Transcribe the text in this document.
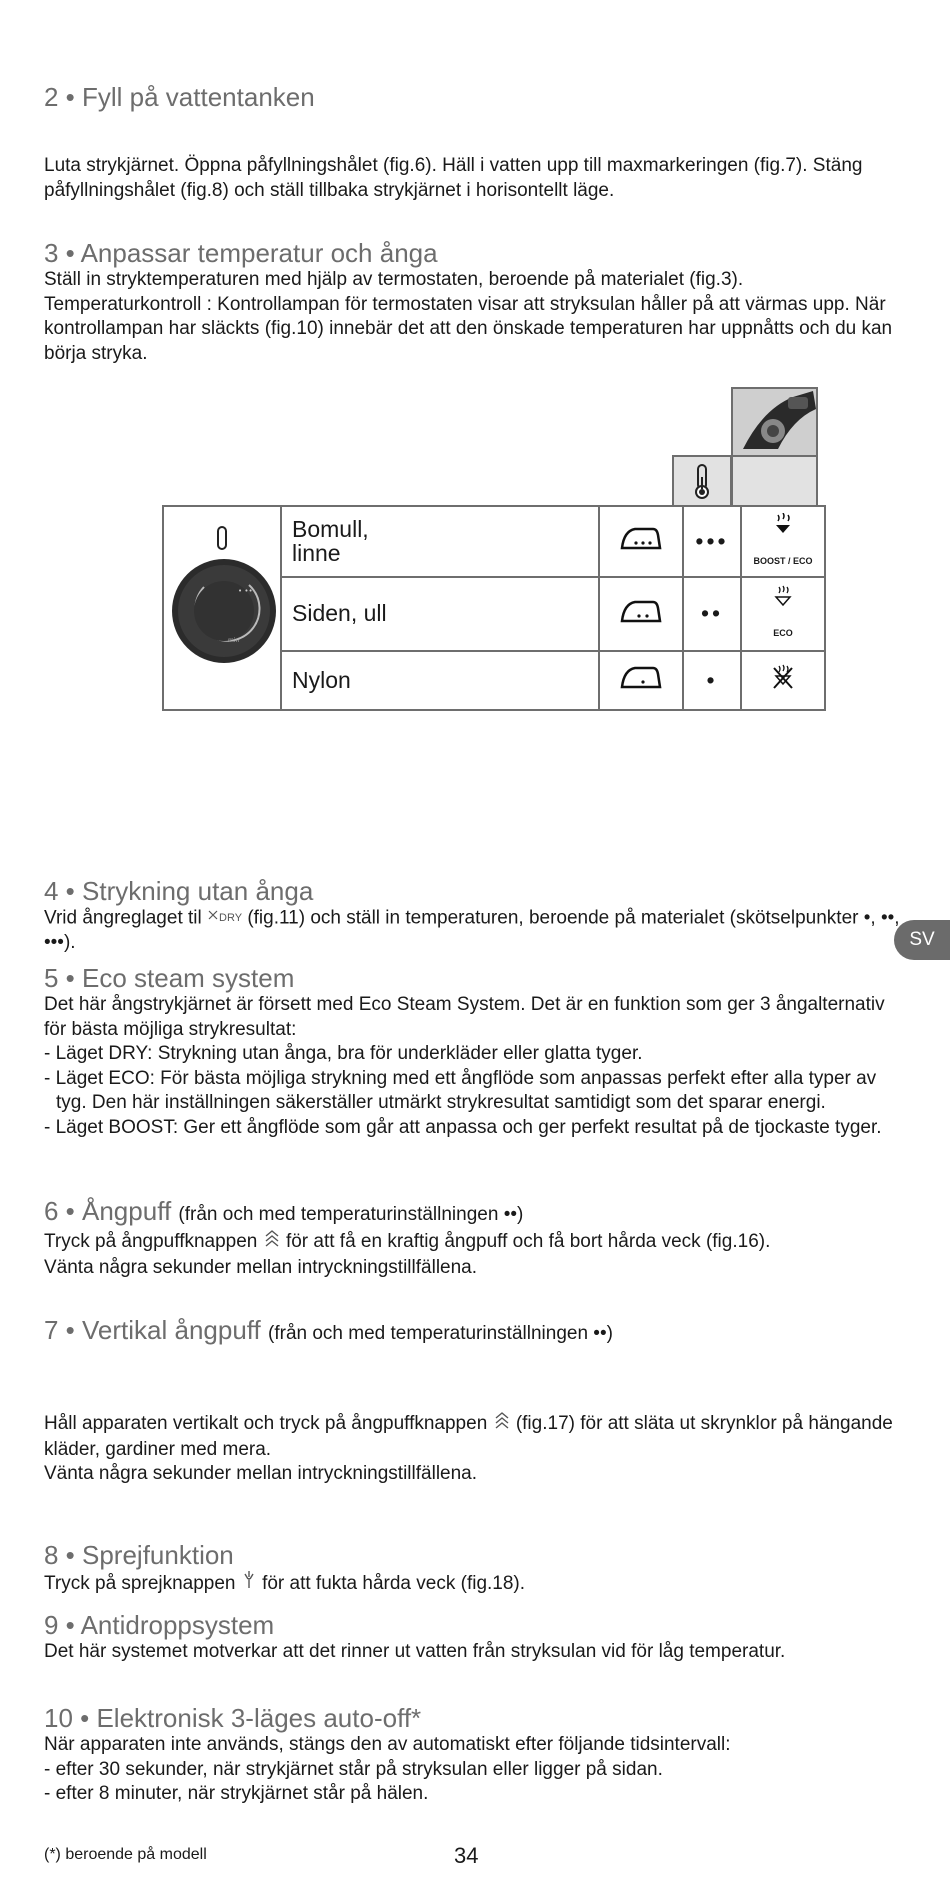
2 • Fyll på vattentanken

Luta strykjärnet. Öppna påfyllningshålet (fig.6). Häll i vatten upp till maxmarkeringen (fig.7). Stäng påfyllningshålet (fig.8) och ställ tillbaka strykjärnet i horisontellt läge.

3 • Anpassar temperatur och ånga

Ställ in stryktemperaturen med hjälp av termostaten, beroende på materialet (fig.3). Temperaturkontroll : Kontrollampan för termostaten visar att stryksulan håller på att värmas upp. När kontrollampan har släckts (fig.10) innebär det att den önskade temperaturen har uppnåtts och du kan börja stryka.

• ••
min	Bomull,
linne		•••	BOOST / ECO
	Siden, ull		••	ECO
	Nylon		•	
4 • Strykning utan ånga

Vrid ångreglaget til DRY (fig.11) och ställ in temperaturen, beroende på materialet (skötselpunkter •, ••, •••).

5 • Eco steam system
Det här ångstrykjärnet är försett med Eco Steam System. Det är en funktion som ger 3 ångalternativ för bästa möjliga strykresultat:
- Läget DRY: Strykning utan ånga, bra för underkläder eller glatta tyger.
- Läget ECO: För bästa möjliga strykning med ett ångflöde som anpassas perfekt efter alla typer av tyg. Den här inställningen säkerställer utmärkt strykresultat samtidigt som det sparar energi.
- Läget BOOST: Ger ett ångflöde som går att anpassa och ger perfekt resultat på de tjockaste tyger.
6 • Ångpuff (från och med temperaturinställningen ••)
Tryck på ångpuffknappen för att få en kraftig ångpuff och få bort hårda veck (fig.16).
Vänta några sekunder mellan intryckningstillfällena.
7 • Vertikal ångpuff (från och med temperaturinställningen ••)
Håll apparaten vertikalt och tryck på ångpuffknappen (fig.17) för att släta ut skrynklor på hängande kläder, gardiner med mera.
Vänta några sekunder mellan intryckningstillfällena.
8 • Sprejfunktion
Tryck på sprejknappen för att fukta hårda veck (fig.18).
9 • Antidroppsystem

Det här systemet motverkar att det rinner ut vatten från stryksulan vid för låg temperatur.

10 • Elektronisk 3-läges auto-off*
När apparaten inte används, stängs den av automatiskt efter följande tidsintervall:
- efter 30 sekunder, när strykjärnet står på stryksulan eller ligger på sidan.
- efter 8 minuter, när strykjärnet står på hälen.
SV
(*) beroende på modell	34
